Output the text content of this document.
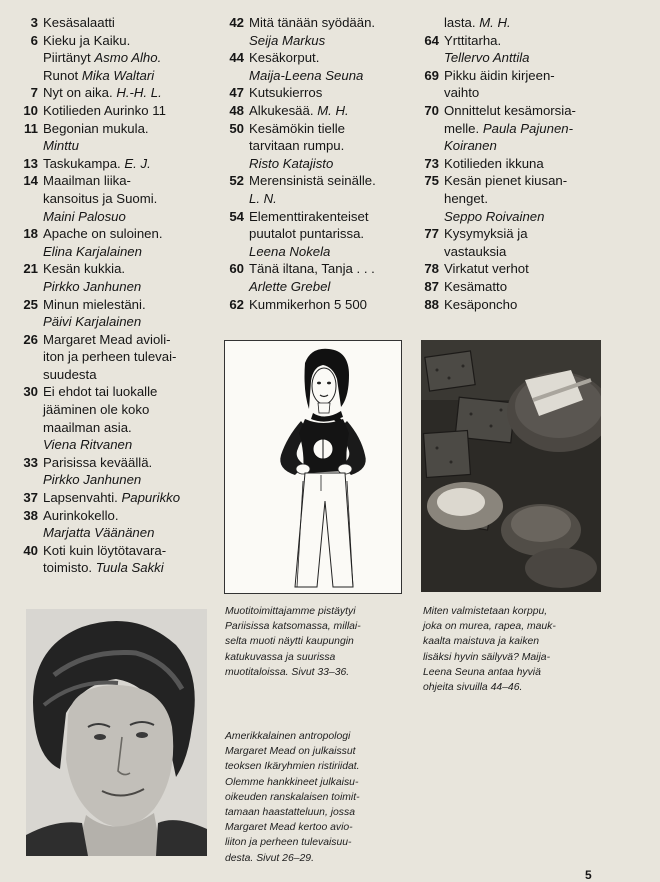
3 Kesäsalaatti
6 Kieku ja Kaiku.
Piirtänyt Asmo Alho.
Runot Mika Waltari
7 Nyt on aika. H.-H. L.
10 Kotilieden Aurinko 11
11 Begonian mukula.
Minttu
13 Taskukampa. E. J.
14 Maailman liika-
kansoitus ja Suomi.
Maini Palosuo
18 Apache on suloinen.
Elina Karjalainen
21 Kesän kukkia.
Pirkko Janhunen
25 Minun mielestäni.
Päivi Karjalainen
26 Margaret Mead avioli-
iton ja perheen tulevai-
suudesta
30 Ei ehdot tai luokalle
jääminen ole koko
maailman asia.
Viena Ritvanen
33 Parisissa keväällä.
Pirkko Janhunen
37 Lapsenvahti. Papurikko
38 Aurinkokello.
Marjatta Väänänen
40 Koti kuin löytötavara-
toimisto. Tuula Sakki
42 Mitä tänään syödään.
Seija Markus
44 Kesäkorput.
Maija-Leena Seuna
47 Kutsukierros
48 Alkukesää. M. H.
50 Kesämökin tielle
tarvitaan rumpu.
Risto Katajisto
52 Merensinistä seinälle.
L. N.
54 Elementtirakenteiset
puutalot puntarissa.
Leena Nokela
60 Tänä iltana, Tanja . . .
Arlette Grebel
62 Kummikerhon 5 500
lasta. M. H.
64 Yrttitarha.
Tellervo Anttila
69 Pikku äidin kirjeen-
vaihto
70 Onnittelut kesämorsia-
melle. Paula Pajunen-
Koiranen
73 Kotilieden ikkuna
75 Kesän pienet kiusan-
henget.
Seppo Roivainen
77 Kysymyksiä ja
vastauksia
78 Virkatut verhot
87 Kesämatto
88 Kesäponcho
Muotitoimittajamme pistäytyi
Pariisissa katsomassa, millai-
selta muoti näytti kaupungin
katukuvassa ja suurissa
muotitaloissa. Sivut 33–36.
Miten valmistetaan korppu,
joka on murea, rapea, mauk-
kaalta maistuva ja kaiken
lisäksi hyvin säilyvä? Maija-
Leena Seuna antaa hyviä
ohjeita sivuilla 44–46.
Amerikkalainen antropologi
Margaret Mead on julkaissut
teoksen Ikäryhmien ristiriidat.
Olemme hankkineet julkaisu-
oikeuden ranskalaisen toimit-
tamaan haastatteluun, jossa
Margaret Mead kertoo avio-
liiton ja perheen tulevaisuu-
desta. Sivut 26–29.
5
